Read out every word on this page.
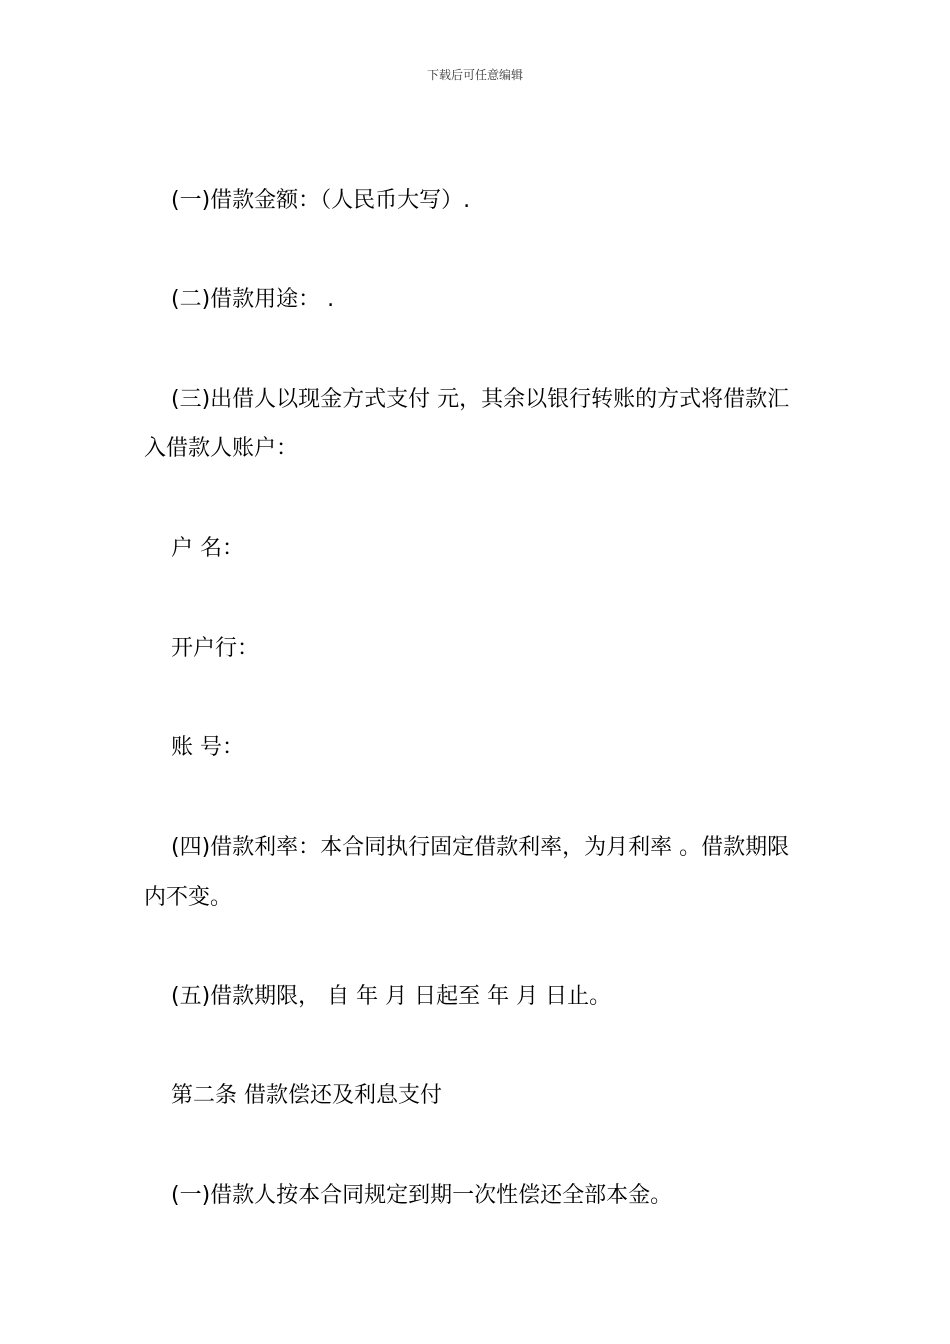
下载后可任意编辑
(一)借款金额：（人民币大写）.
(二)借款用途： .
(三)出借人以现金方式支付 元，其余以银行转账的方式将借款汇
入借款人账户：
户 名：
开户行：
账 号：
(四)借款利率：本合同执行固定借款利率，为月利率 。借款期限
内不变。
(五)借款期限， 自 年 月 日起至 年 月 日止。
第二条 借款偿还及利息支付
(一)借款人按本合同规定到期一次性偿还全部本金。
